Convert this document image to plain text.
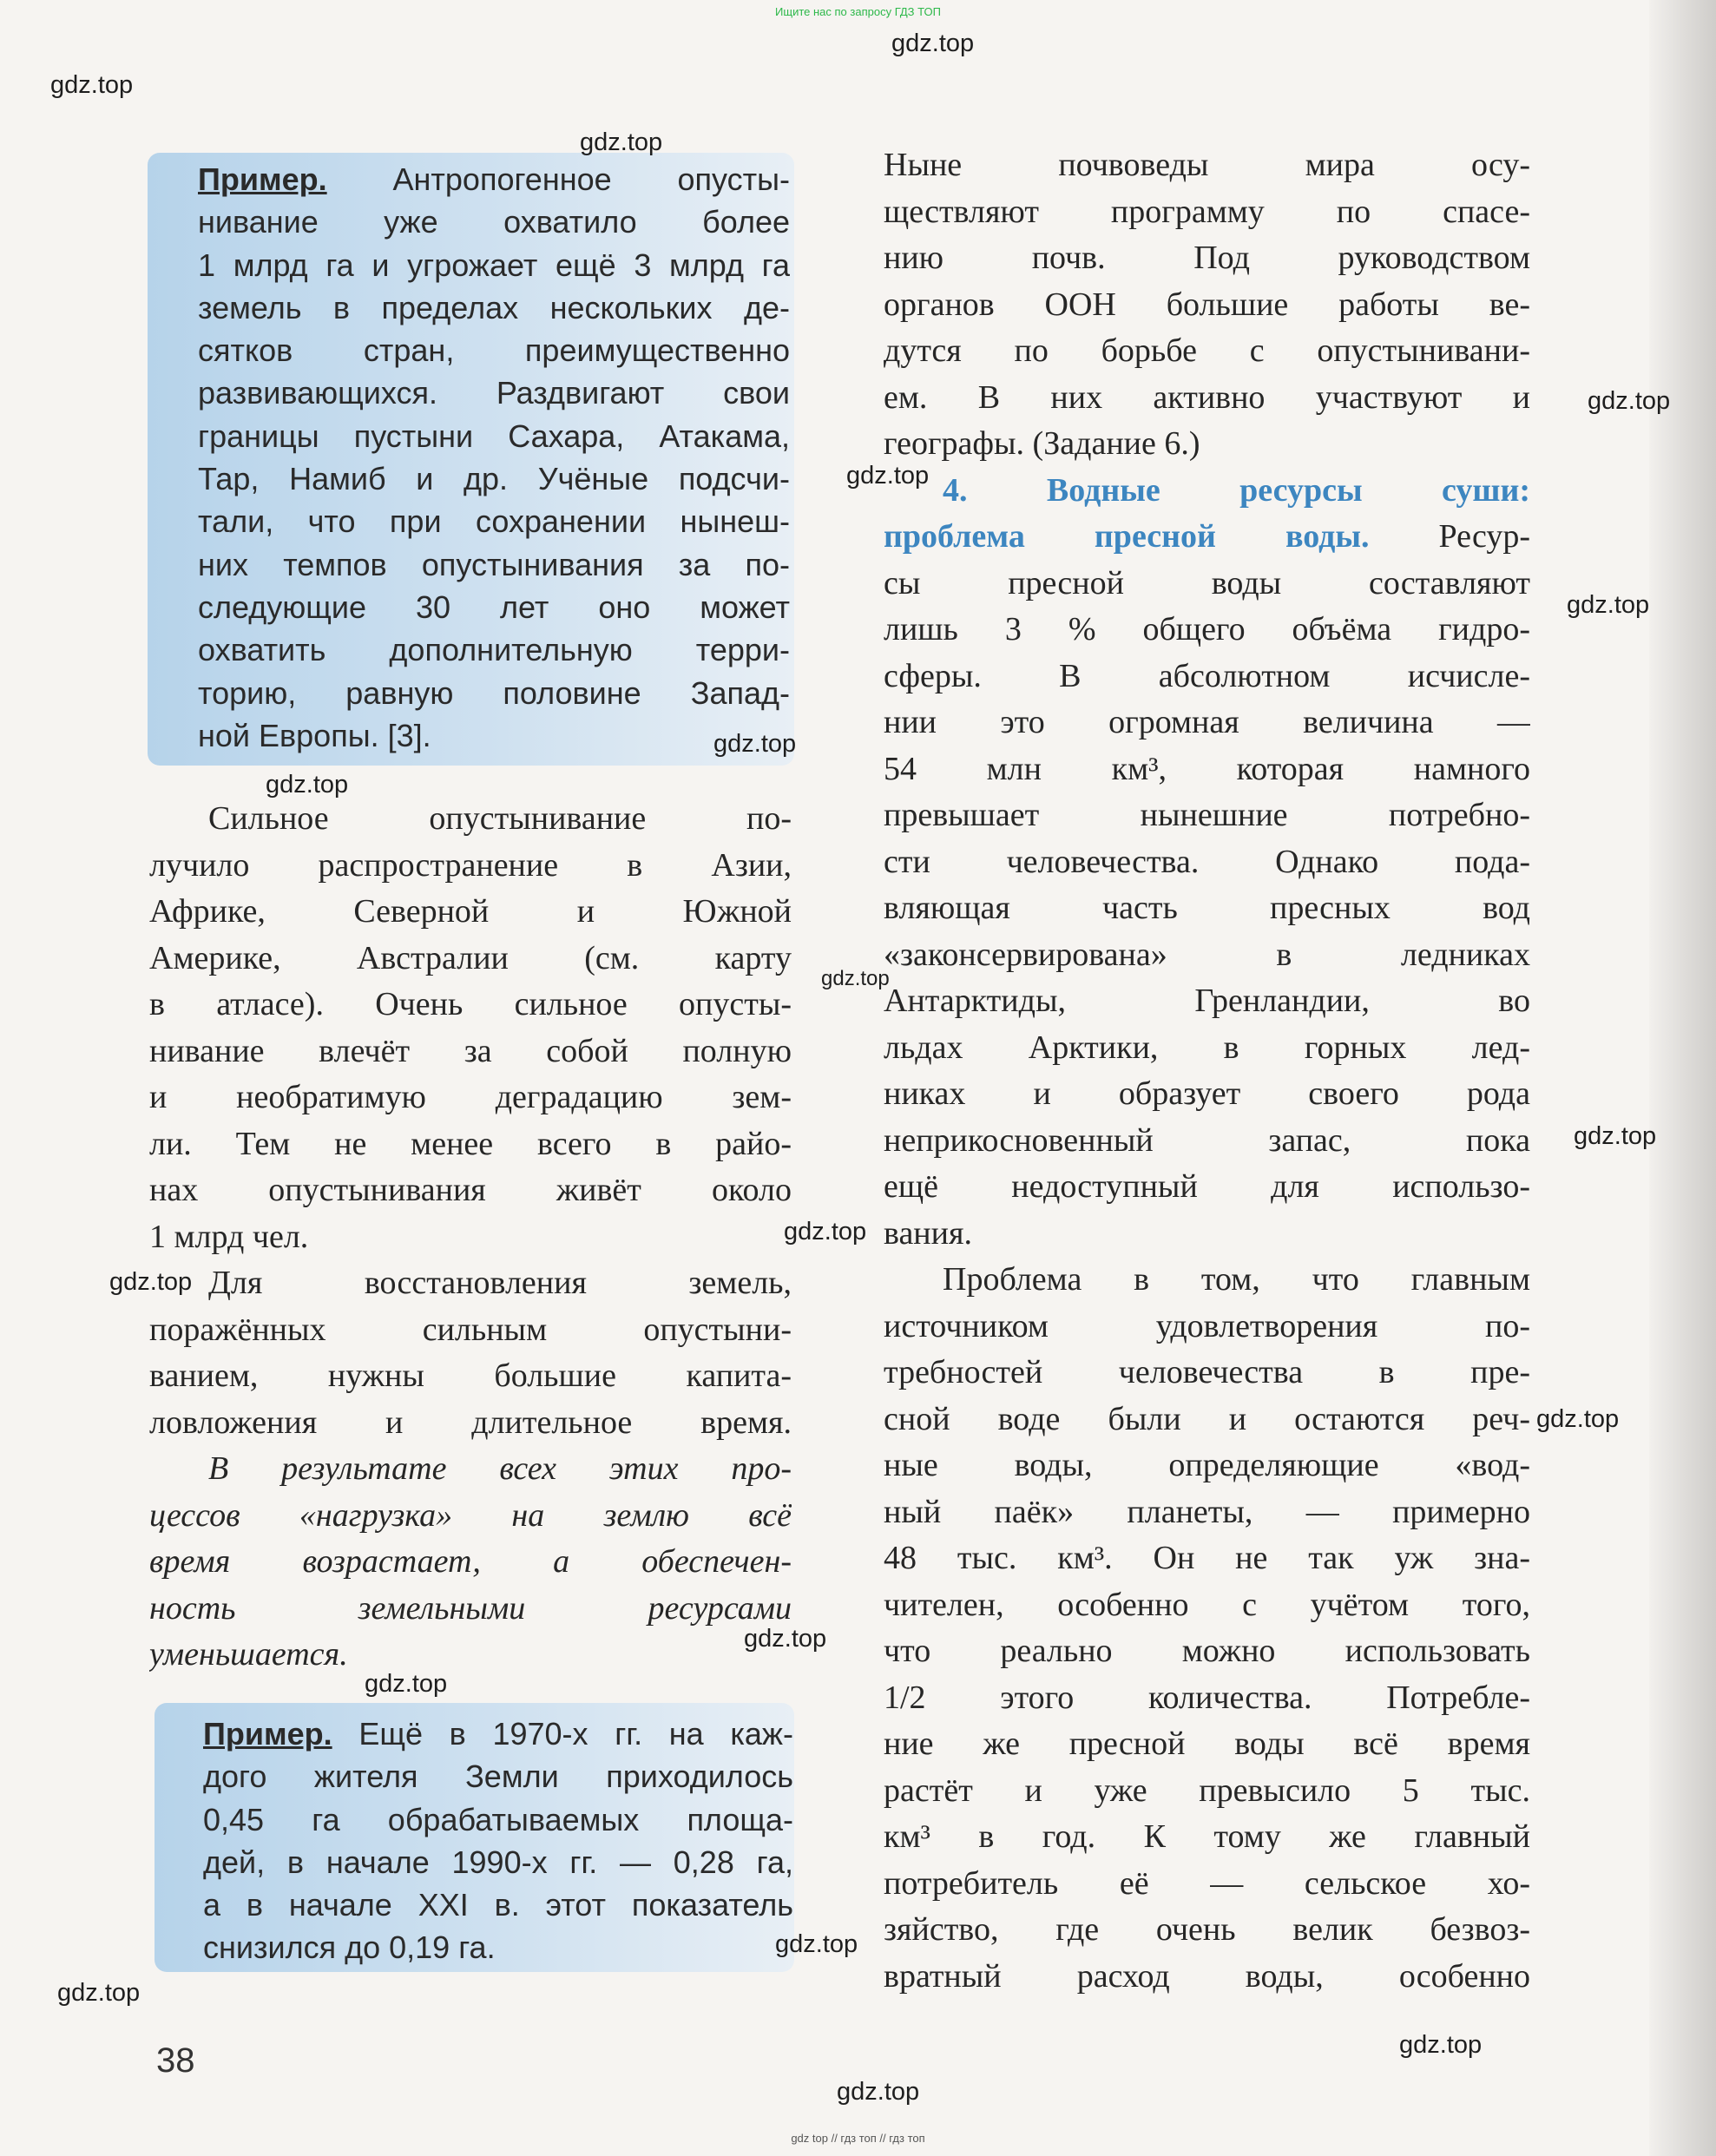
Ищите нас по запросу ГДЗ ТОП
Пример. Антропогенное опусты-
нивание уже охватило более
1 млрд га и угрожает ещё 3 млрд га
земель в пределах нескольких де-
сятков стран, преимущественно
развивающихся. Раздвигают свои
границы пустыни Сахара, Атакама,
Тар, Намиб и др. Учёные подсчи-
тали, что при сохранении нынеш-
них темпов опустынивания за по-
следующие 30 лет оно может
охватить дополнительную терри-
торию, равную половине Запад-
ной Европы. [3].
Сильное опустынивание по-
лучило распространение в Азии,
Африке, Северной и Южной
Америке, Австралии (см. карту
в атласе). Очень сильное опусты-
нивание влечёт за собой полную
и необратимую деградацию зем-
ли. Тем не менее всего в райо-
нах опустынивания живёт около
1 млрд чел.
Для восстановления земель,
поражённых сильным опустыни-
ванием, нужны большие капита-
ловложения и длительное время.
В результате всех этих про-
цессов «нагрузка» на землю всё
время возрастает, а обеспечен-
ность земельными ресурсами
уменьшается.
Пример. Ещё в 1970-х гг. на каж-
дого жителя Земли приходилось
0,45 га обрабатываемых площа-
дей, в начале 1990-х гг. — 0,28 га,
а в начале XXI в. этот показатель
снизился до 0,19 га.
Ныне почвоведы мира осу-
ществляют программу по спасе-
нию почв. Под руководством
органов ООН большие работы ве-
дутся по борьбе с опустынивани-
ем. В них активно участвуют и
географы. (Задание 6.)
4. Водные ресурсы суши:
проблема пресной воды. Ресур-
сы пресной воды составляют
лишь 3 % общего объёма гидро-
сферы. В абсолютном исчисле-
нии это огромная величина —
54 млн км³, которая намного
превышает нынешние потребно-
сти человечества. Однако пода-
вляющая часть пресных вод
«законсервирована» в ледниках
Антарктиды, Гренландии, во
льдах Арктики, в горных лед-
никах и образует своего рода
неприкосновенный запас, пока
ещё недоступный для использо-
вания.
Проблема в том, что главным
источником удовлетворения по-
требностей человечества в пре-
сной воде были и остаются реч-
ные воды, определяющие «вод-
ный паёк» планеты, — примерно
48 тыс. км³. Он не так уж зна-
чителен, особенно с учётом того,
что реально можно использовать
1/2 этого количества. Потребле-
ние же пресной воды всё время
растёт и уже превысило 5 тыс.
км³ в год. К тому же главный
потребитель её — сельское хо-
зяйство, где очень велик безвоз-
вратный расход воды, особенно
38
gdz.top
gdz.top
gdz.top
gdz.top
gdz.top
gdz.top
gdz.top
gdz.top
gdz.top
gdz.top
gdz.top
gdz.top
gdz.top
gdz.top
gdz.top
gdz.top
gdz.top
gdz.top
gdz.top
gdz top // гдз топ // гдз топ
